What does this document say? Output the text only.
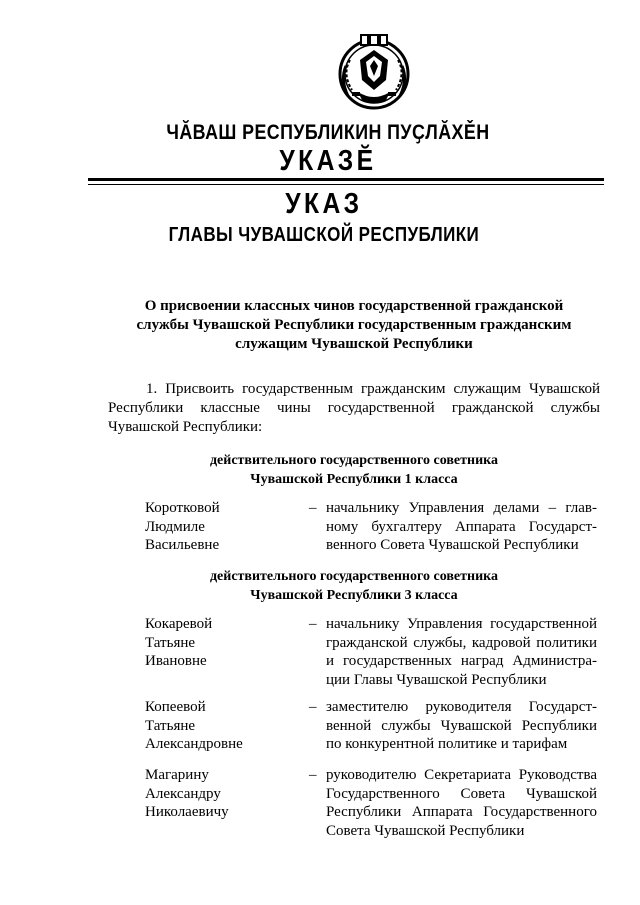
ЧĂВАШ РЕСПУБЛИКИН ПУҪЛĂХĚН
УКАЗĔ
УКАЗ
ГЛАВЫ ЧУВАШСКОЙ РЕСПУБЛИКИ
О присвоении классных чинов государственной гражданской
службы Чувашской Республики государственным гражданским
служащим Чувашской Республики
1. Присвоить государственным гражданским служащим Чувашской Республики классные чины государственной гражданской службы Чувашской Республики:
действительного государственного советника
Чувашской Республики 1 класса
Коротковой
Людмиле
Васильевне
– начальнику Управления делами – глав-
ному бухгалтеру Аппарата Государст-
венного Совета Чувашской Республики
действительного государственного советника
Чувашской Республики 3 класса
Кокаревой
Татьяне
Ивановне
– начальнику Управления государственной
гражданской службы, кадровой политики
и государственных наград Администра-
ции Главы Чувашской Республики
Копеевой
Татьяне
Александровне
– заместителю руководителя Государст-
венной службы Чувашской Республики
по конкурентной политике и тарифам
Магарину
Александру
Николаевичу
– руководителю Секретариата Руководства
Государственного Совета Чувашской
Республики Аппарата Государственного
Совета Чувашской Республики
